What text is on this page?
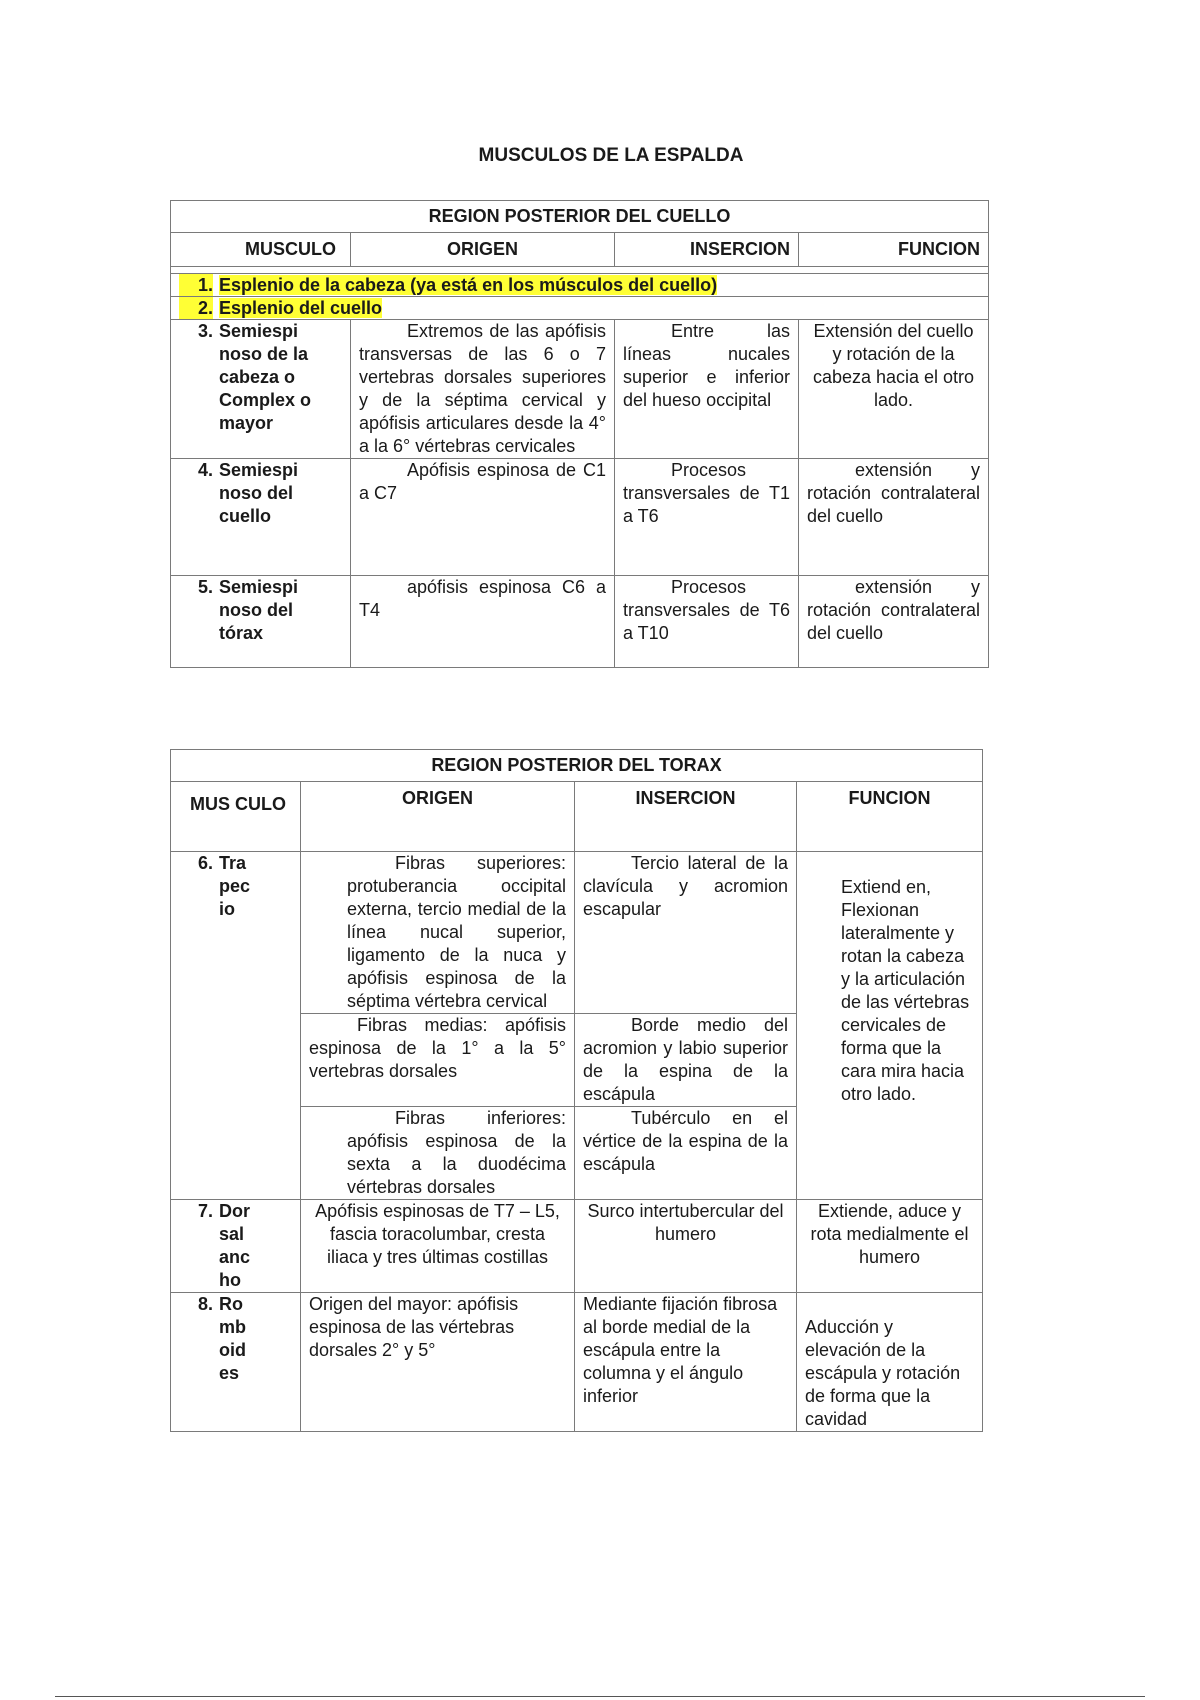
MUSCULOS DE LA ESPALDA
REGION POSTERIOR DEL CUELLO			
MUSCULO	ORIGEN	INSERCION	FUNCION

1. Esplenio de la cabeza (ya está en los músculos del cuello)			
2. Esplenio del cuello			
3. Semiespi noso de la cabeza o Complex o mayor	Extremos de las apófisis transversas de las 6 o 7 vertebras dorsales superiores y de la séptima cervical y apófisis articulares desde la 4° a la 6° vértebras cervicales	Entre las líneas nucales superior e inferior del hueso occipital	Extensión del cuello y rotación de la cabeza hacia el otro lado.
4. Semiespi noso del cuello	Apófisis espinosa de C1 a C7	Procesos transversales de T1 a T6	extensión y rotación contralateral del cuello
5. Semiespi noso del tórax	apófisis espinosa C6 a T4	Procesos transversales de T6 a T10	extensión y rotación contralateral del cuello
REGION POSTERIOR DEL TORAX			
MUS CULO	ORIGEN	INSERCION	FUNCION
6. Tra pec io	Fibras superiores: protuberancia occipital externa, tercio medial de la línea nucal superior, ligamento de la nuca y apófisis espinosa de la séptima vértebra cervical	Tercio lateral de la clavícula y acromion escapular	Extiend en, Flexionan lateralmente y rotan la cabeza y la articulación de las vértebras cervicales de forma que la cara mira hacia otro lado.
	Fibras medias: apófisis espinosa de la 1° a la 5° vertebras dorsales	Borde medio del acromion y labio superior de la espina de la escápula	
	Fibras inferiores: apófisis espinosa de la sexta a la duodécima vértebras dorsales	Tubérculo en el vértice de la espina de la escápula	
7. Dor sal anc ho	Apófisis espinosas de T7 – L5, fascia toracolumbar, cresta iliaca y tres últimas costillas	Surco intertubercular del humero	Extiende, aduce y rota medialmente el humero
8. Ro mb oid es	Origen del mayor: apófisis espinosa de las vértebras dorsales 2° y 5°	Mediante fijación fibrosa al borde medial de la escápula entre la columna y el ángulo inferior	Aducción y elevación de la escápula y rotación de forma que la cavidad
